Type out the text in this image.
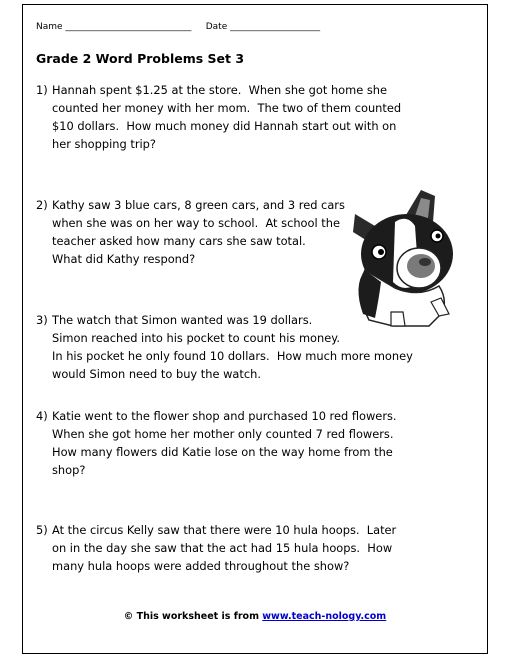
Name ____________________________ Date ____________________
Grade 2 Word Problems Set 3
1) Hannah spent $1.25 at the store.  When she got home she
counted her money with her mom.  The two of them counted
$10 dollars.  How much money did Hannah start out with on
her shopping trip?
2) Kathy saw 3 blue cars, 8 green cars, and 3 red cars
when she was on her way to school.  At school the
teacher asked how many cars she saw total.
What did Kathy respond?
3) The watch that Simon wanted was 19 dollars.
Simon reached into his pocket to count his money.
In his pocket he only found 10 dollars.  How much more money
would Simon need to buy the watch.
4) Katie went to the flower shop and purchased 10 red flowers.
When she got home her mother only counted 7 red flowers.
How many flowers did Katie lose on the way home from the
shop?
5) At the circus Kelly saw that there were 10 hula hoops.  Later
on in the day she saw that the act had 15 hula hoops.  How
many hula hoops were added throughout the show?
© This worksheet is from www.teach-nology.com
